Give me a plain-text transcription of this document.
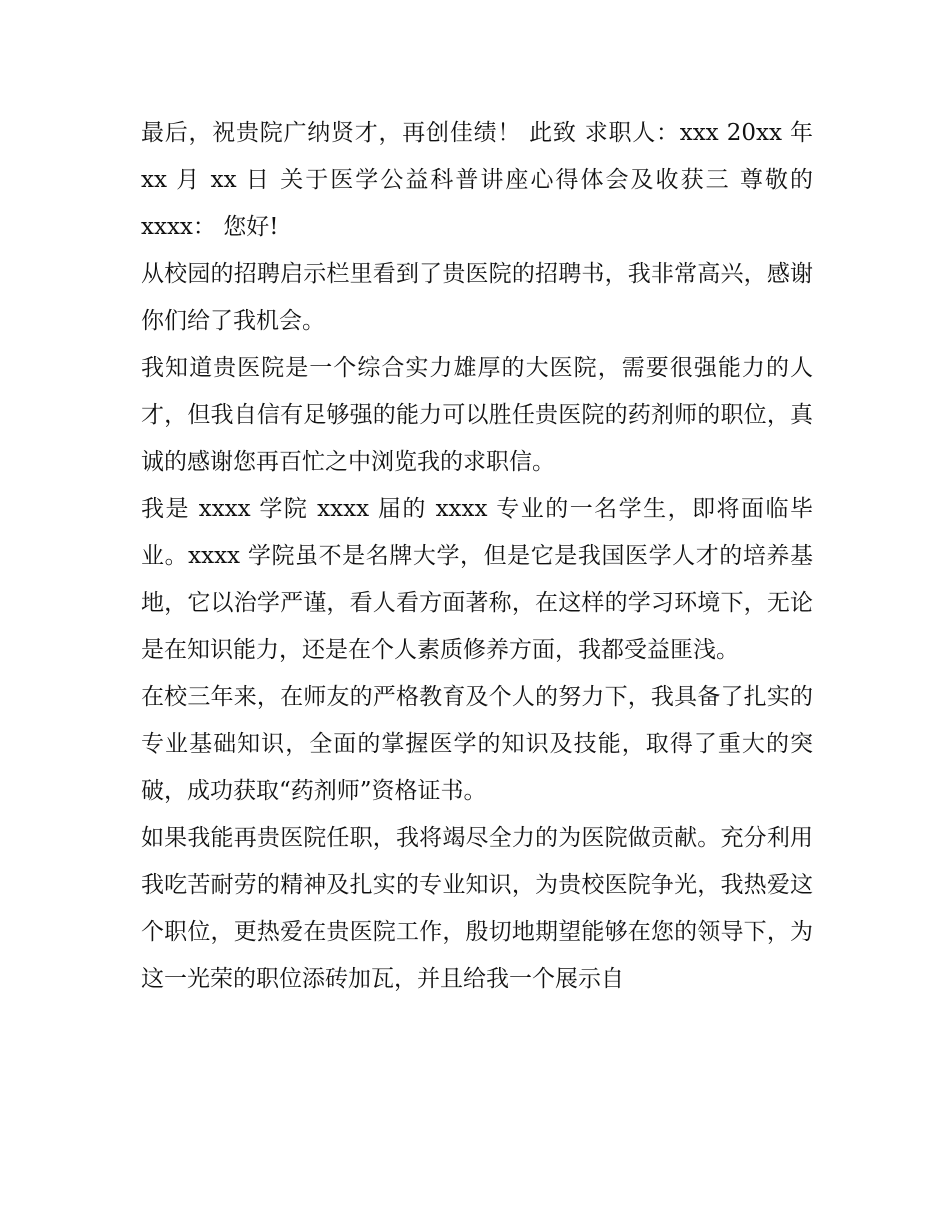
最后，祝贵院广纳贤才，再创佳绩！ 此致 求职人：xxx 20xx 年 xx 月 xx 日 关于医学公益科普讲座心得体会及收获三 尊敬的 xxxx： 您好!

从校园的招聘启示栏里看到了贵医院的招聘书，我非常高兴，感谢你们给了我机会。

我知道贵医院是一个综合实力雄厚的大医院，需要很强能力的人才，但我自信有足够强的能力可以胜任贵医院的药剂师的职位，真诚的感谢您再百忙之中浏览我的求职信。

我是 xxxx 学院 xxxx 届的 xxxx 专业的一名学生，即将面临毕业。xxxx 学院虽不是名牌大学，但是它是我国医学人才的培养基地，它以治学严谨，看人看方面著称，在这样的学习环境下，无论是在知识能力，还是在个人素质修养方面，我都受益匪浅。

在校三年来，在师友的严格教育及个人的努力下，我具备了扎实的专业基础知识，全面的掌握医学的知识及技能，取得了重大的突破，成功获取“药剂师”资格证书。

如果我能再贵医院任职，我将竭尽全力的为医院做贡献。充分利用我吃苦耐劳的精神及扎实的专业知识，为贵校医院争光，我热爱这个职位，更热爱在贵医院工作，殷切地期望能够在您的领导下，为这一光荣的职位添砖加瓦，并且给我一个展示自
